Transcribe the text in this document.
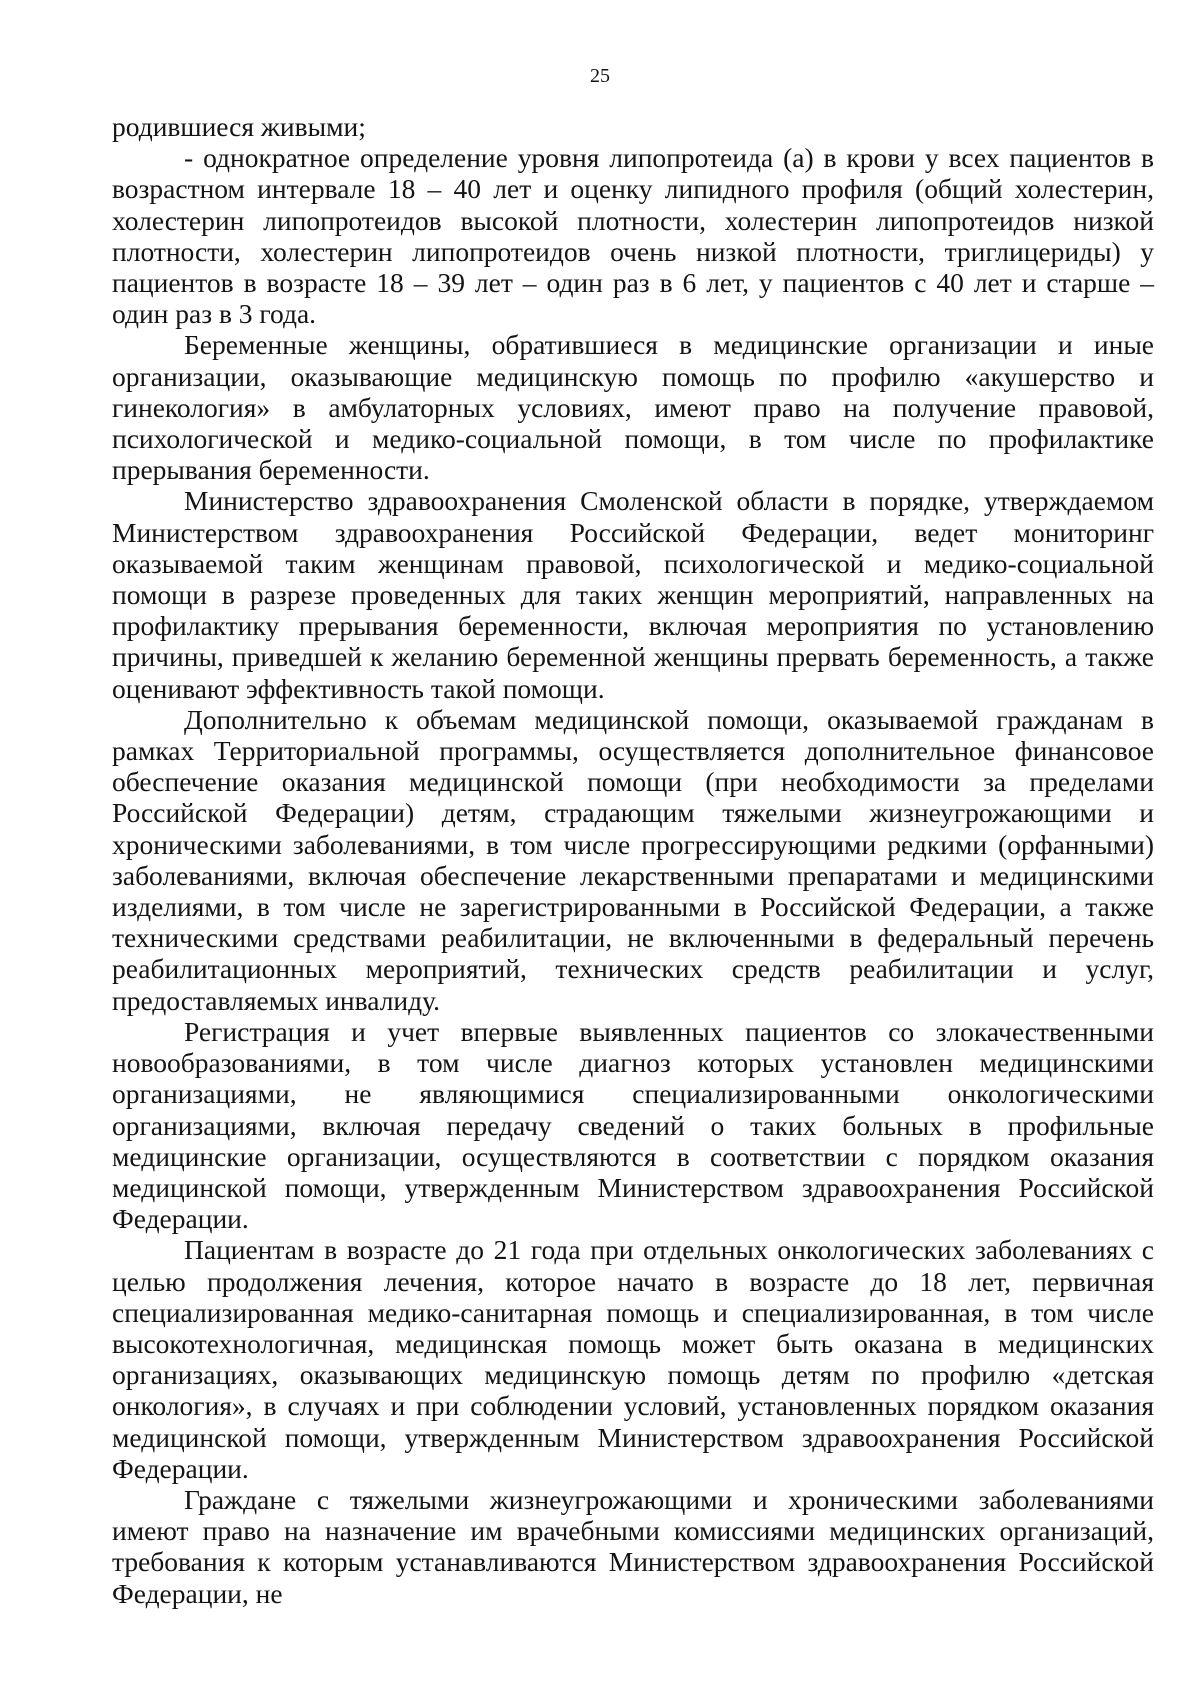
25

родившиеся живыми;

- однократное определение уровня липопротеида (а) в крови у всех пациентов в возрастном интервале 18 – 40 лет и оценку липидного профиля (общий холестерин, холестерин липопротеидов высокой плотности, холестерин липопротеидов низкой плотности, холестерин липопротеидов очень низкой плотности, триглицериды) у пациентов в возрасте 18 – 39 лет – один раз в 6 лет, у пациентов с 40 лет и старше – один раз в 3 года.

Беременные женщины, обратившиеся в медицинские организации и иные организации, оказывающие медицинскую помощь по профилю «акушерство и гинекология» в амбулаторных условиях, имеют право на получение правовой, психологической и медико-социальной помощи, в том числе по профилактике прерывания беременности.

Министерство здравоохранения Смоленской области в порядке, утверждаемом Министерством здравоохранения Российской Федерации, ведет мониторинг оказываемой таким женщинам правовой, психологической и медико-социальной помощи в разрезе проведенных для таких женщин мероприятий, направленных на профилактику прерывания беременности, включая мероприятия по установлению причины, приведшей к желанию беременной женщины прервать беременность, а также оценивают эффективность такой помощи.

Дополнительно к объемам медицинской помощи, оказываемой гражданам в рамках Территориальной программы, осуществляется дополнительное финансовое обеспечение оказания медицинской помощи (при необходимости за пределами Российской Федерации) детям, страдающим тяжелыми жизнеугрожающими и хроническими заболеваниями, в том числе прогрессирующими редкими (орфанными) заболеваниями, включая обеспечение лекарственными препаратами и медицинскими изделиями, в том числе не зарегистрированными в Российской Федерации, а также техническими средствами реабилитации, не включенными в федеральный перечень реабилитационных мероприятий, технических средств реабилитации и услуг, предоставляемых инвалиду.

Регистрация и учет впервые выявленных пациентов со злокачественными новообразованиями, в том числе диагноз которых установлен медицинскими организациями, не являющимися специализированными онкологическими организациями, включая передачу сведений о таких больных в профильные медицинские организации, осуществляются в соответствии с порядком оказания медицинской помощи, утвержденным Министерством здравоохранения Российской Федерации.

Пациентам в возрасте до 21 года при отдельных онкологических заболеваниях с целью продолжения лечения, которое начато в возрасте до 18 лет, первичная специализированная медико-санитарная помощь и специализированная, в том числе высокотехнологичная, медицинская помощь может быть оказана в медицинских организациях, оказывающих медицинскую помощь детям по профилю «детская онкология», в случаях и при соблюдении условий, установленных порядком оказания медицинской помощи, утвержденным Министерством здравоохранения Российской Федерации.

Граждане с тяжелыми жизнеугрожающими и хроническими заболеваниями имеют право на назначение им врачебными комиссиями медицинских организаций, требования к которым устанавливаются Министерством здравоохранения Российской Федерации, не
